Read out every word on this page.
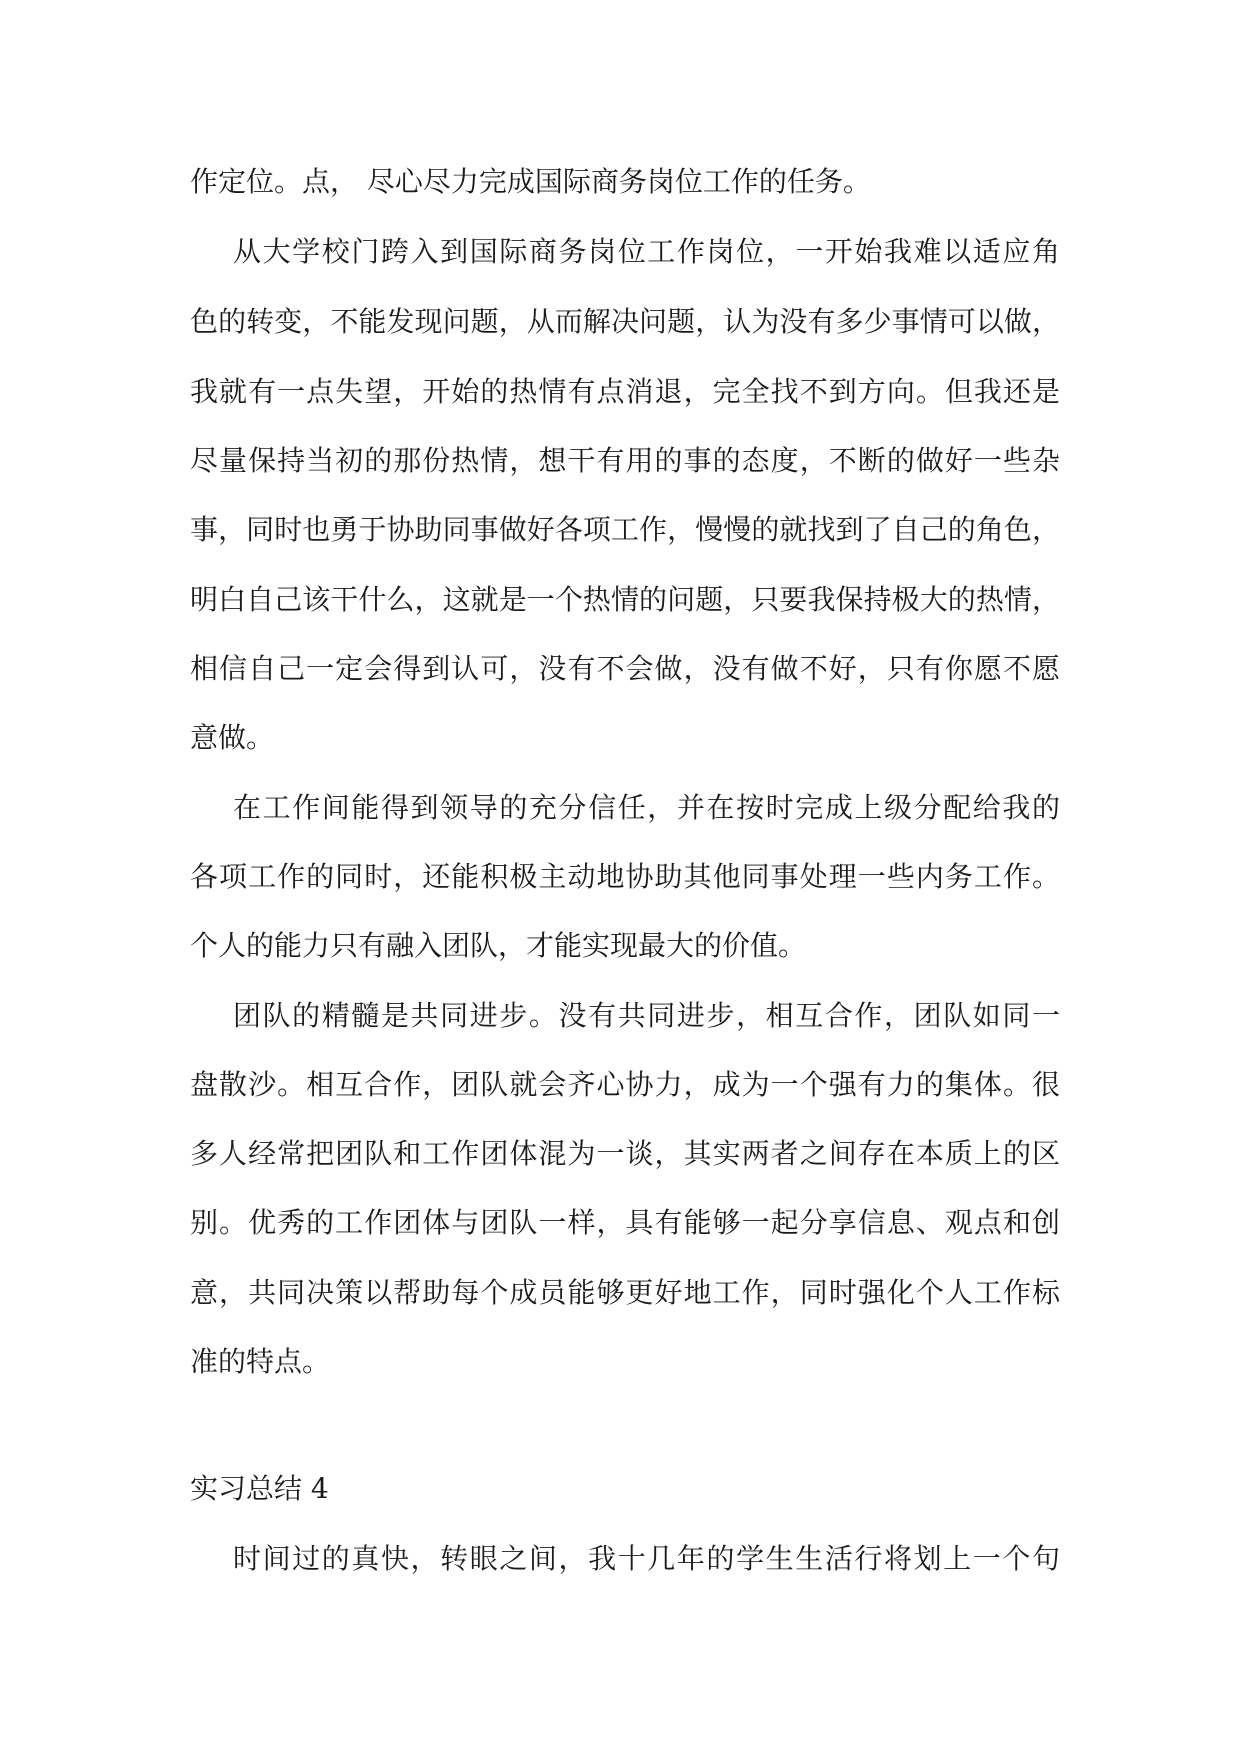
作定位。点， 尽心尽力完成国际商务岗位工作的任务。
从大学校门跨入到国际商务岗位工作岗位，一开始我难以适应角
色的转变，不能发现问题，从而解决问题，认为没有多少事情可以做，
我就有一点失望，开始的热情有点消退，完全找不到方向。但我还是
尽量保持当初的那份热情，想干有用的事的态度，不断的做好一些杂
事，同时也勇于协助同事做好各项工作，慢慢的就找到了自己的角色，
明白自己该干什么，这就是一个热情的问题，只要我保持极大的热情，
相信自己一定会得到认可，没有不会做，没有做不好，只有你愿不愿
意做。
在工作间能得到领导的充分信任，并在按时完成上级分配给我的
各项工作的同时，还能积极主动地协助其他同事处理一些内务工作。
个人的能力只有融入团队，才能实现最大的价值。
团队的精髓是共同进步。没有共同进步，相互合作，团队如同一
盘散沙。相互合作，团队就会齐心协力，成为一个强有力的集体。很
多人经常把团队和工作团体混为一谈，其实两者之间存在本质上的区
别。优秀的工作团体与团队一样，具有能够一起分享信息、观点和创
意，共同决策以帮助每个成员能够更好地工作，同时强化个人工作标
准的特点。
实习总结 4
时间过的真快，转眼之间，我十几年的学生生活行将划上一个句
